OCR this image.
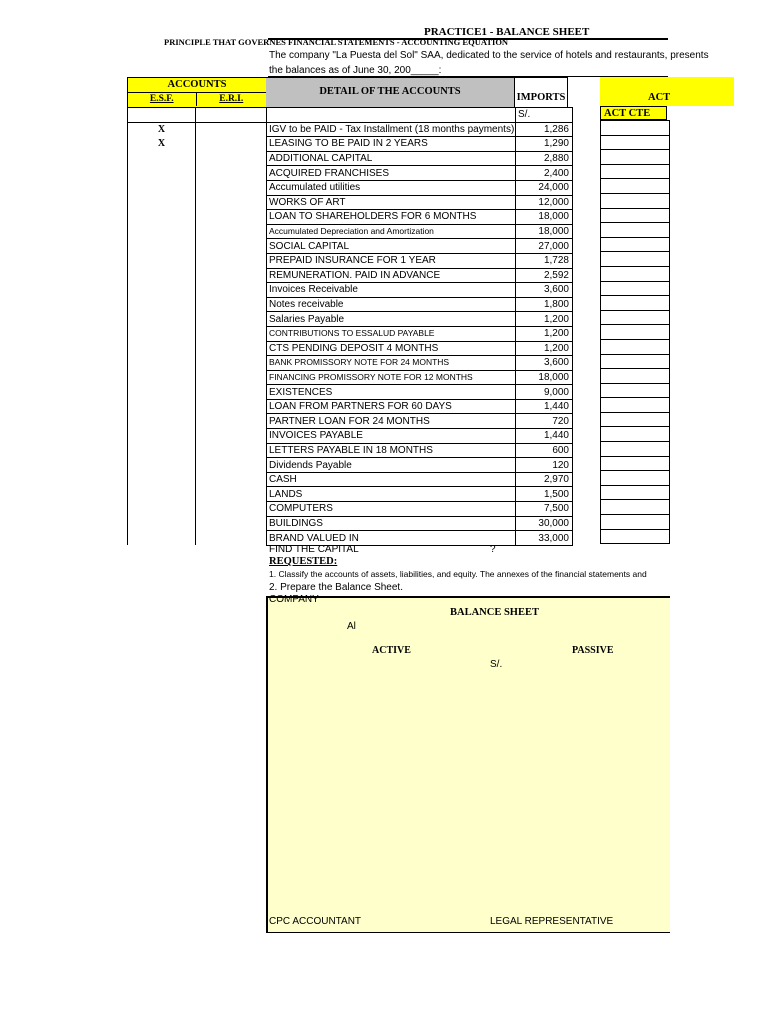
PRACTICE1 - BALANCE SHEET
PRINCIPLE THAT GOVERNES FINANCIAL STATEMENTS - ACCOUNTING EQUATION
The company "La Puesta del Sol" SAA, dedicated to the service of hotels and restaurants, presents
the balances as of June 30, 200_____:
ACCOUNTS
E.S.F.	E.R.I.
DETAIL OF THE ACCOUNTS
IMPORTS	ACT
ACT CTE
			S/.
X		IGV to be PAID - Tax Installment (18 months payments)	1,286
X		LEASING TO BE PAID IN 2 YEARS	1,290
		ADDITIONAL CAPITAL	2,880
		ACQUIRED FRANCHISES	2,400
		Accumulated utilities	24,000
		WORKS OF ART	12,000
		LOAN TO SHAREHOLDERS FOR 6 MONTHS	18,000
		Accumulated Depreciation and Amortization	18,000
		SOCIAL CAPITAL	27,000
		PREPAID INSURANCE FOR 1 YEAR	1,728
		REMUNERATION. PAID IN ADVANCE	2,592
		Invoices Receivable	3,600
		Notes receivable	1,800
		Salaries Payable	1,200
		CONTRIBUTIONS TO ESSALUD PAYABLE	1,200
		CTS PENDING DEPOSIT 4 MONTHS	1,200
		BANK PROMISSORY NOTE FOR 24 MONTHS	3,600
		FINANCING PROMISSORY NOTE FOR 12 MONTHS	18,000
		EXISTENCES	9,000
		LOAN FROM PARTNERS FOR 60 DAYS	1,440
		PARTNER LOAN FOR 24 MONTHS	720
		INVOICES PAYABLE	1,440
		LETTERS PAYABLE IN 18 MONTHS	600
		Dividends Payable	120
		CASH	2,970
		LANDS	1,500
		COMPUTERS	7,500
		BUILDINGS	30,000
		BRAND VALUED IN	33,000
FIND THE CAPITAL	?
REQUESTED:
1. Classify the accounts of assets, liabilities, and equity. The annexes of the financial statements and
2. Prepare the Balance Sheet.
COMPANY
BALANCE SHEET
Al
ACTIVE	PASSIVE
S/.
CPC ACCOUNTANT	LEGAL REPRESENTATIVE
